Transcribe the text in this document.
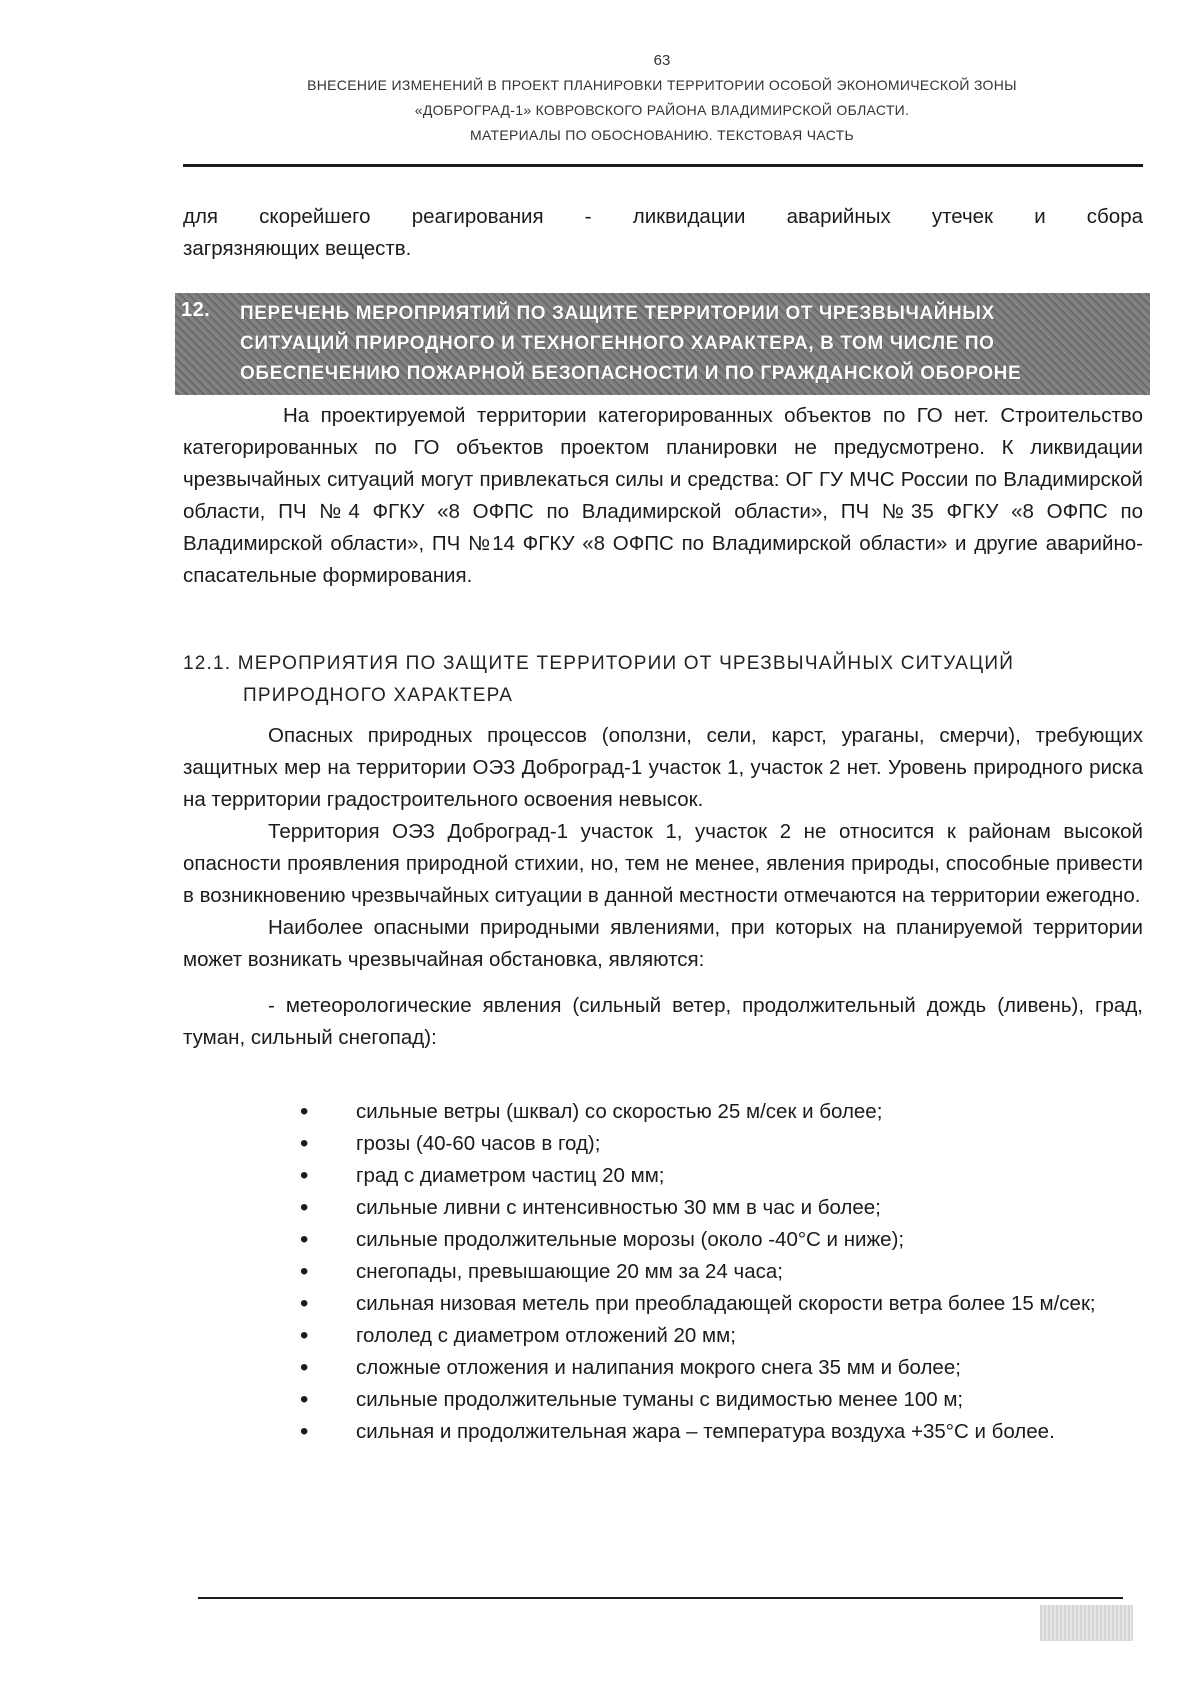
63
ВНЕСЕНИЕ ИЗМЕНЕНИЙ В ПРОЕКТ ПЛАНИРОВКИ ТЕРРИТОРИИ ОСОБОЙ ЭКОНОМИЧЕСКОЙ ЗОНЫ
«ДОБРОГРАД-1» КОВРОВСКОГО РАЙОНА ВЛАДИМИРСКОЙ ОБЛАСТИ.
МАТЕРИАЛЫ ПО ОБОСНОВАНИЮ. ТЕКСТОВАЯ ЧАСТЬ
для скорейшего реагирования - ликвидации аварийных утечек и сбора
загрязняющих веществ.
12. ПЕРЕЧЕНЬ МЕРОПРИЯТИЙ ПО ЗАЩИТЕ ТЕРРИТОРИИ ОТ ЧРЕЗВЫЧАЙНЫХ
СИТУАЦИЙ ПРИРОДНОГО И ТЕХНОГЕННОГО ХАРАКТЕРА, В ТОМ ЧИСЛЕ ПО
ОБЕСПЕЧЕНИЮ ПОЖАРНОЙ БЕЗОПАСНОСТИ И ПО ГРАЖДАНСКОЙ ОБОРОНЕ
На проектируемой территории категорированных объектов по ГО нет. Строительство категорированных по ГО объектов проектом планировки не предусмотрено. К ликвидации чрезвычайных ситуаций могут привлекаться силы и средства: ОГ ГУ МЧС России по Владимирской области, ПЧ №4 ФГКУ «8 ОФПС по Владимирской области», ПЧ №35 ФГКУ «8 ОФПС по Владимирской области», ПЧ №14 ФГКУ «8 ОФПС по Владимирской области» и другие аварийно-спасательные формирования.
12.1. МЕРОПРИЯТИЯ ПО ЗАЩИТЕ ТЕРРИТОРИИ ОТ ЧРЕЗВЫЧАЙНЫХ СИТУАЦИЙ
ПРИРОДНОГО ХАРАКТЕРА
Опасных природных процессов (оползни, сели, карст, ураганы, смерчи), требующих защитных мер на территории ОЭЗ Доброград-1 участок 1, участок 2 нет. Уровень природного риска на территории градостроительного освоения невысок.
Территория ОЭЗ Доброград-1 участок 1, участок 2 не относится к районам высокой опасности проявления природной стихии, но, тем не менее, явления природы, способные привести в возникновению чрезвычайных ситуации в данной местности отмечаются на территории ежегодно.
Наиболее опасными природными явлениями, при которых на планируемой территории может возникать чрезвычайная обстановка, являются:
- метеорологические явления (сильный ветер, продолжительный дождь (ливень), град, туман, сильный снегопад):
• сильные ветры (шквал) со скоростью 25 м/сек и более;
• грозы (40-60 часов в год);
• град с диаметром частиц 20 мм;
• сильные ливни с интенсивностью 30 мм в час и более;
• сильные продолжительные морозы (около -40°С и ниже);
• снегопады, превышающие 20 мм за 24 часа;
• сильная низовая метель при преобладающей скорости ветра более 15 м/сек;
• гололед с диаметром отложений 20 мм;
• сложные отложения и налипания мокрого снега 35 мм и более;
• сильные продолжительные туманы с видимостью менее 100 м;
• сильная и продолжительная жара – температура воздуха +35°С и более.
